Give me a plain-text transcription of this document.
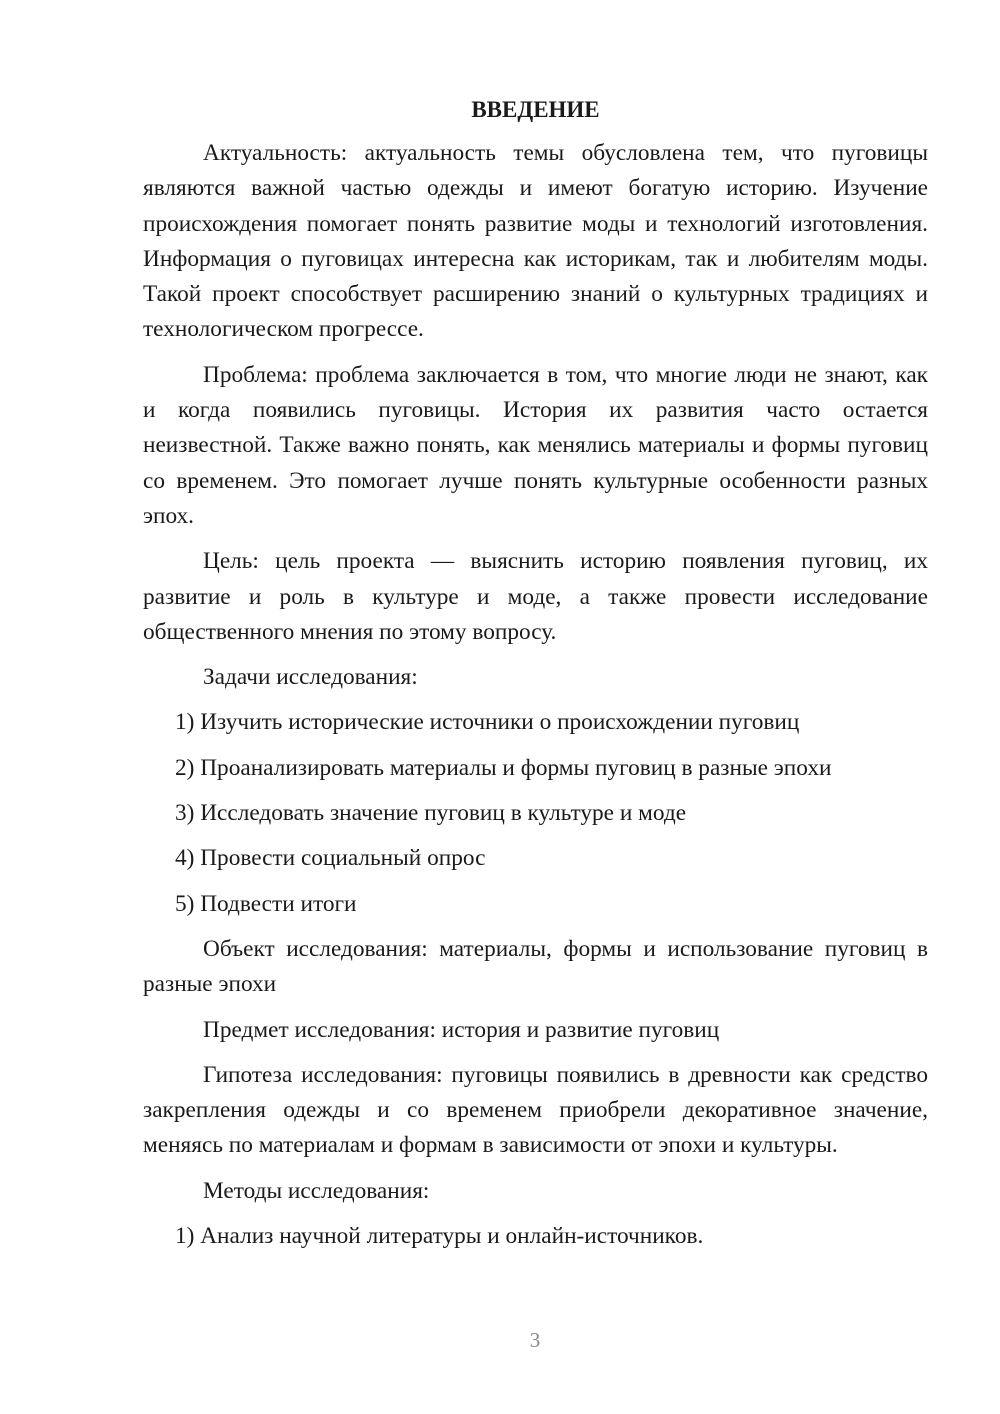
ВВЕДЕНИЕ

Актуальность: актуальность темы обусловлена тем, что пуговицы являются важной частью одежды и имеют богатую историю. Изучение происхождения помогает понять развитие моды и технологий изготовления. Информация о пуговицах интересна как историкам, так и любителям моды. Такой проект способствует расширению знаний о культурных традициях и технологическом прогрессе.

Проблема: проблема заключается в том, что многие люди не знают, как и когда появились пуговицы. История их развития часто остается неизвестной. Также важно понять, как менялись материалы и формы пуговиц со временем. Это помогает лучше понять культурные особенности разных эпох.

Цель: цель проекта — выяснить историю появления пуговиц, их развитие и роль в культуре и моде, а также провести исследование общественного мнения по этому вопросу.

Задачи исследования:

1) Изучить исторические источники о происхождении пуговиц

2) Проанализировать материалы и формы пуговиц в разные эпохи

3) Исследовать значение пуговиц в культуре и моде

4) Провести социальный опрос

5) Подвести итоги

Объект исследования: материалы, формы и использование пуговиц в разные эпохи

Предмет исследования: история и развитие пуговиц

Гипотеза исследования: пуговицы появились в древности как средство закрепления одежды и со временем приобрели декоративное значение, меняясь по материалам и формам в зависимости от эпохи и культуры.

Методы исследования:

1) Анализ научной литературы и онлайн-источников.

3
